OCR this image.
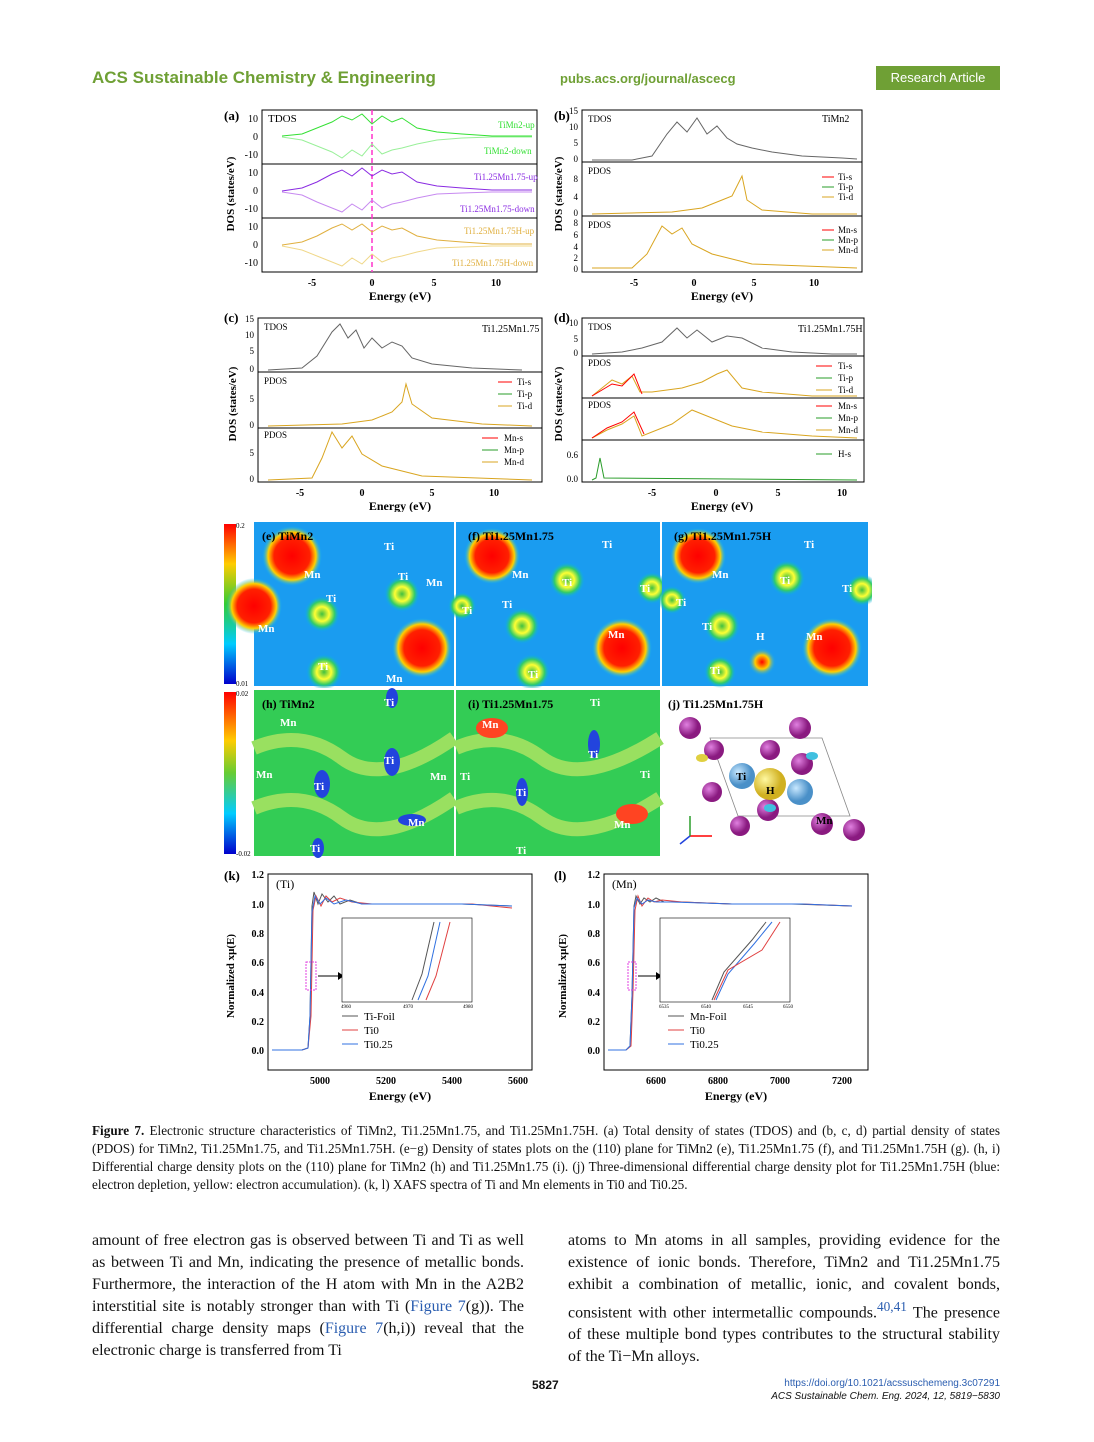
ACS Sustainable Chemistry & Engineering	pubs.acs.org/journal/ascecg	Research Article
(a)	TDOS	TiMn2-up
TiMn2-down
Ti1.25Mn1.75-up
Ti1.25Mn1.75-down
Ti1.25Mn1.75H-up
Ti1.25Mn1.75H-down
10
0
-10
10
0
-10
10
0
-10
-5	0	5	10
Energy (eV)
DOS (states/eV)
(b) TDOS
PDOS
PDOS
TiMn2
Ti-s
Ti-p
Ti-d
Mn-s
Mn-p
Mn-d
15
10
5
0
8
4
0
8
6
4
2
0
-5	0	5	10
Energy (eV)
DOS (states/eV)
(c)
TDOS
PDOS
PDOS
Ti1.25Mn1.75
Ti-s
Ti-p
Ti-d
Mn-s
Mn-p
Mn-d
15
10
5
0
5
0
5
0
-5	0	5	10
Energy (eV)
DOS (states/eV)
(d)
TDOS
PDOS
PDOS
Ti1.25Mn1.75H
Ti-s
Ti-p
Ti-d
Mn-s
Mn-p
Mn-d
H-s
10
5
0
0.6
0.0
-5	0	5	10
Energy (eV)
DOS (states/eV)
0.2
0.01
(e) TiMn2
Ti
Mn	Ti Mn
Ti
Mn
Ti
Mn
(f) Ti1.25Mn1.75
Ti
Mn
Ti	Ti
Ti	Ti
Mn
Ti
(g) Ti1.25Mn1.75H
Ti
Mn	Ti
Ti
Ti
Ti
H	Mn
Ti
0.02
-0.02
(h) TiMn2	Ti
Mn
Mn
Ti
Ti
Mn
Mn
Ti
(i) Ti1.25Mn1.75	Ti
Mn
Ti
Ti
Ti
Ti
Mn
Ti
(j) Ti1.25Mn1.75H
Ti
H
Mn
(k)
(Ti)
4960	4970	4980
Ti-Foil
Ti0
Ti0.25
1.2
1.0
0.8
0.6
0.4
0.2
0.0
5000	5200	5400	5600
Energy (eV)
Normalized xμ(E)
(l)
(Mn)
6535	6540	6545	6550
Mn-Foil
Ti0
Ti0.25
1.2
1.0
0.8
0.6
0.4
0.2
0.0
6600	6800	7000	7200
Energy (eV)
Normalized xμ(E)
Figure 7. Electronic structure characteristics of TiMn2, Ti1.25Mn1.75, and Ti1.25Mn1.75H. (a) Total density of states (TDOS) and (b, c, d) partial density of states (PDOS) for TiMn2, Ti1.25Mn1.75, and Ti1.25Mn1.75H. (e−g) Density of states plots on the (110) plane for TiMn2 (e), Ti1.25Mn1.75 (f), and Ti1.25Mn1.75H (g). (h, i) Differential charge density plots on the (110) plane for TiMn2 (h) and Ti1.25Mn1.75 (i). (j) Three-dimensional differential charge density plot for Ti1.25Mn1.75H (blue: electron depletion, yellow: electron accumulation). (k, l) XAFS spectra of Ti and Mn elements in Ti0 and Ti0.25.
amount of free electron gas is observed between Ti and Ti as well as between Ti and Mn, indicating the presence of metallic bonds. Furthermore, the interaction of the H atom with Mn in the A2B2 interstitial site is notably stronger than with Ti (Figure 7(g)). The differential charge density maps (Figure 7(h,i)) reveal that the electronic charge is transferred from Ti
atoms to Mn atoms in all samples, providing evidence for the existence of ionic bonds. Therefore, TiMn2 and Ti1.25Mn1.75 exhibit a combination of metallic, ionic, and covalent bonds, consistent with other intermetallic compounds.$^{40,41}$ The presence of these multiple bond types contributes to the structural stability of the Ti−Mn alloys.
5827	https://doi.org/10.1021/acssuschemeng.3c07291
ACS Sustainable Chem. Eng. 2024, 12, 5819−5830
